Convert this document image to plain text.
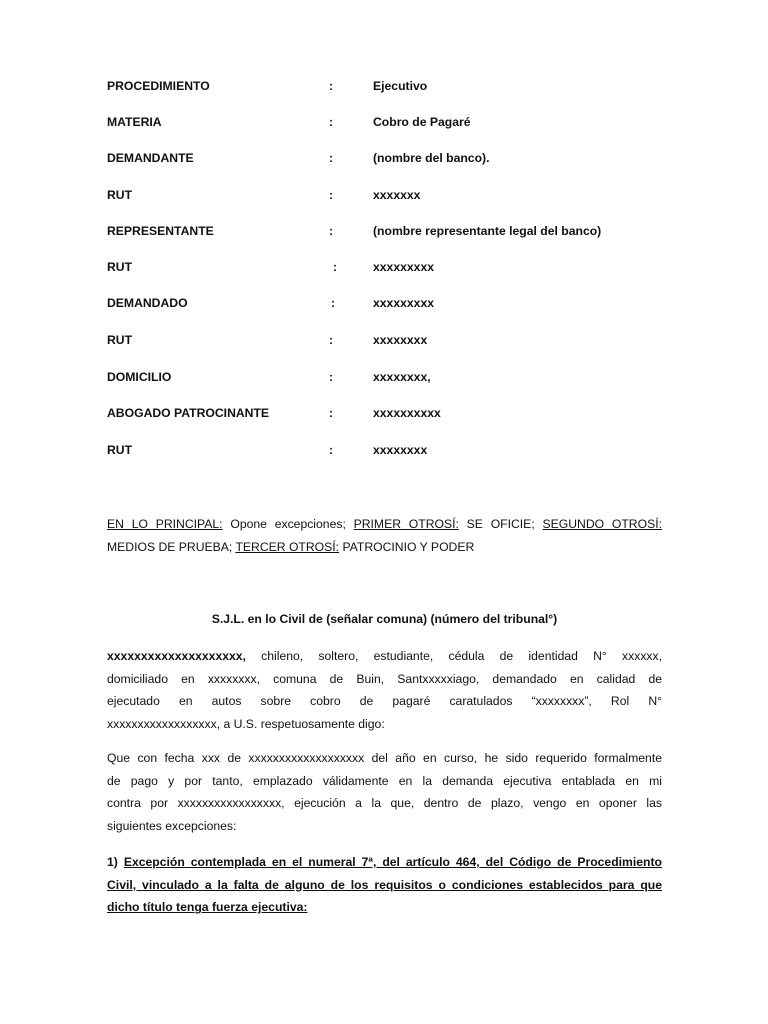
PROCEDIMIENTO	:	Ejecutivo
MATERIA	:	Cobro de Pagaré
DEMANDANTE	:	(nombre del banco).
RUT	:	xxxxxxx
REPRESENTANTE	:	(nombre representante legal del banco)
RUT	:	xxxxxxxxx
DEMANDADO	:	xxxxxxxxx
RUT	:	xxxxxxxx
DOMICILIO	:	xxxxxxxx,
ABOGADO PATROCINANTE	:	xxxxxxxxxx
RUT	:	xxxxxxxx
EN LO PRINCIPAL: Opone excepciones; PRIMER OTROSÍ: SE OFICIE; SEGUNDO OTROSÍ:
MEDIOS DE PRUEBA; TERCER OTROSÍ: PATROCINIO Y PODER
S.J.L. en lo Civil de (señalar comuna) (número del tribunal°)
xxxxxxxxxxxxxxxxxxxx, chileno, soltero, estudiante, cédula de identidad N° xxxxxx,
domiciliado en xxxxxxxx, comuna de Buin, Santxxxxxiago, demandado en calidad de
ejecutado en autos sobre cobro de pagaré caratulados “xxxxxxxx”, Rol N°
xxxxxxxxxxxxxxxxxx, a U.S. respetuosamente digo:
Que con fecha xxx de xxxxxxxxxxxxxxxxxxx del año en curso, he sido requerido formalmente
de pago y por tanto, emplazado válidamente en la demanda ejecutiva entablada en mi
contra por xxxxxxxxxxxxxxxxx, ejecución a la que, dentro de plazo, vengo en oponer las
siguientes excepciones:
1) Excepción contemplada en el numeral 7ª, del artículo 464, del Código de Procedimiento
Civil, vinculado a la falta de alguno de los requisitos o condiciones establecidos para que
dicho título tenga fuerza ejecutiva:
